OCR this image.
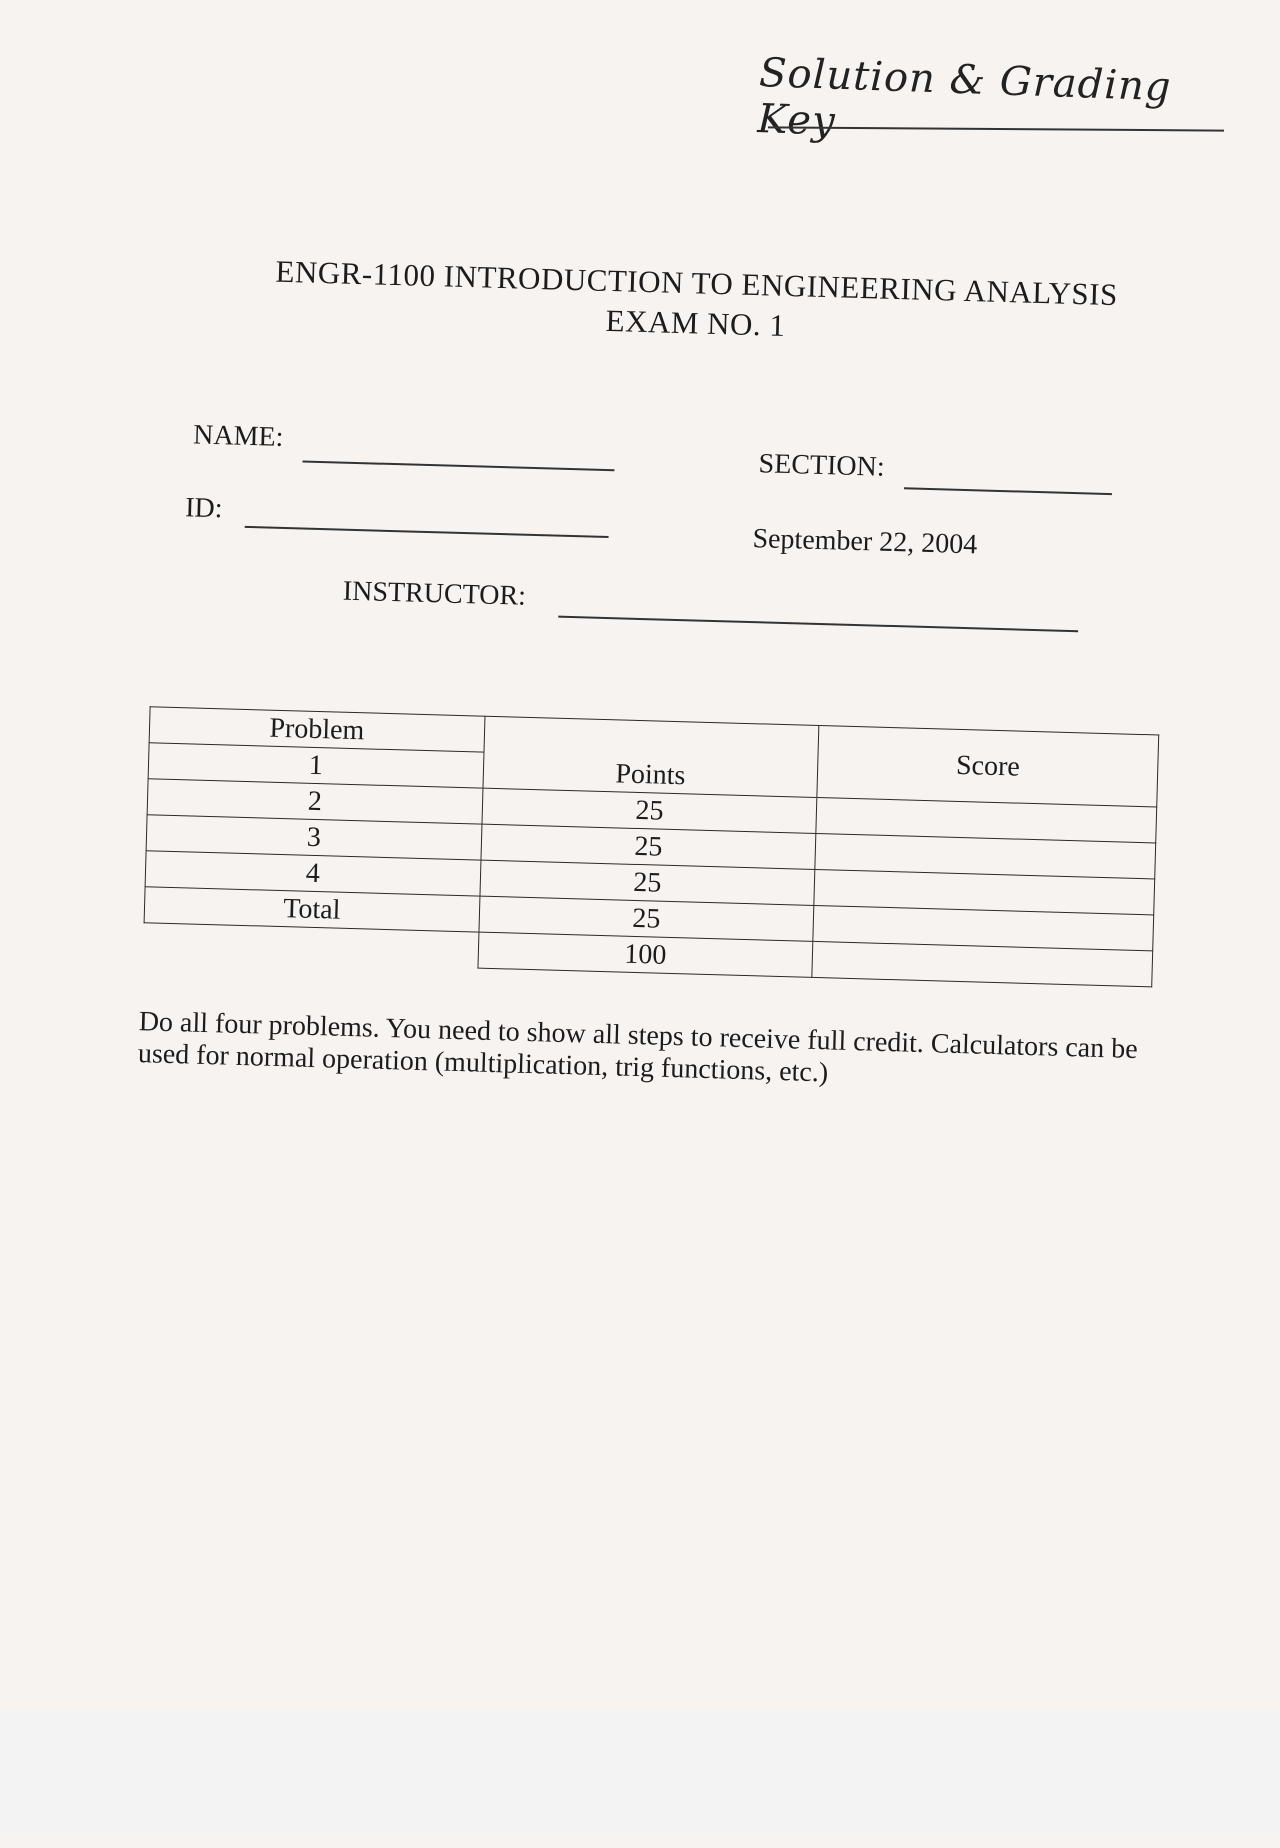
Solution & Grading Key
ENGR-1100 INTRODUCTION TO ENGINEERING ANALYSIS
EXAM NO. 1
NAME:
SECTION:
ID:
September 22, 2004
INSTRUCTOR:
Problem	Points	Score
1		
2	25	
3	25	
4	25	
Total	25	
	100	
Do all four problems. You need to show all steps to receive full credit. Calculators can be used for normal operation (multiplication, trig functions, etc.)
